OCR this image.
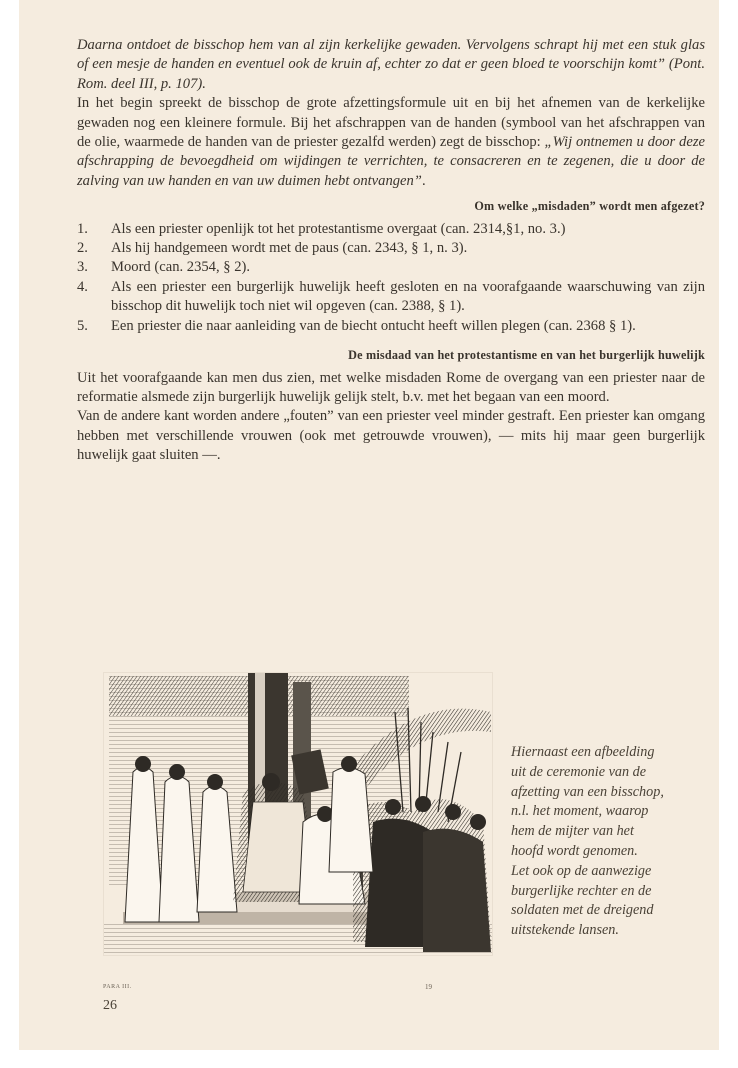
Daarna ontdoet de bisschop hem van al zijn kerkelijke gewaden. Vervolgens schrapt hij met een stuk glas of een mesje de handen en eventuel ook de kruin af, echter zo dat er geen bloed te voorschijn komt” (Pont. Rom. deel III, p. 107).
In het begin spreekt de bisschop de grote afzettingsformule uit en bij het afnemen van de kerkelijke gewaden nog een kleinere formule. Bij het afschrappen van de handen (symbool van het afschrappen van de olie, waarmede de handen van de priester gezalfd werden) zegt de bisschop: „Wij ontnemen u door deze afschrapping de bevoegdheid om wijdingen te verrichten, te consacreren en te zegenen, die u door de zalving van uw handen en van uw duimen hebt ontvangen”.

Om welke „misdaden” wordt men afgezet?
1.	Als een priester openlijk tot het protestantisme overgaat (can. 2314,§1, no. 3.)
2.	Als hij handgemeen wordt met de paus (can. 2343, § 1, n. 3).
3.	Moord (can. 2354, § 2).
4.	Als een priester een burgerlijk huwelijk heeft gesloten en na voorafgaande waarschuwing van zijn bisschop dit huwelijk toch niet wil opgeven (can. 2388, § 1).
5.	Een priester die naar aanleiding van de biecht ontucht heeft willen plegen (can. 2368 § 1).
De misdaad van het protestantisme en van het burgerlijk huwelijk

Uit het voorafgaande kan men dus zien, met welke misdaden Rome de overgang van een priester naar de reformatie alsmede zijn burgerlijk huwelijk gelijk stelt, b.v. met het begaan van een moord.

Van de andere kant worden andere „fouten” van een priester veel minder gestraft. Een priester kan omgang hebben met verschillende vrouwen (ook met getrouwde vrouwen), — mits hij maar geen burgerlijk huwelijk gaat sluiten —.

Hiernaast een afbeelding
uit de ceremonie van de
afzetting van een bisschop,
n.l. het moment, waarop
hem de mijter van het
hoofd wordt genomen.
Let ook op de aanwezige
burgerlijke rechter en de
soldaten met de dreigend
uitstekende lansen.
PARA III.	19
26
